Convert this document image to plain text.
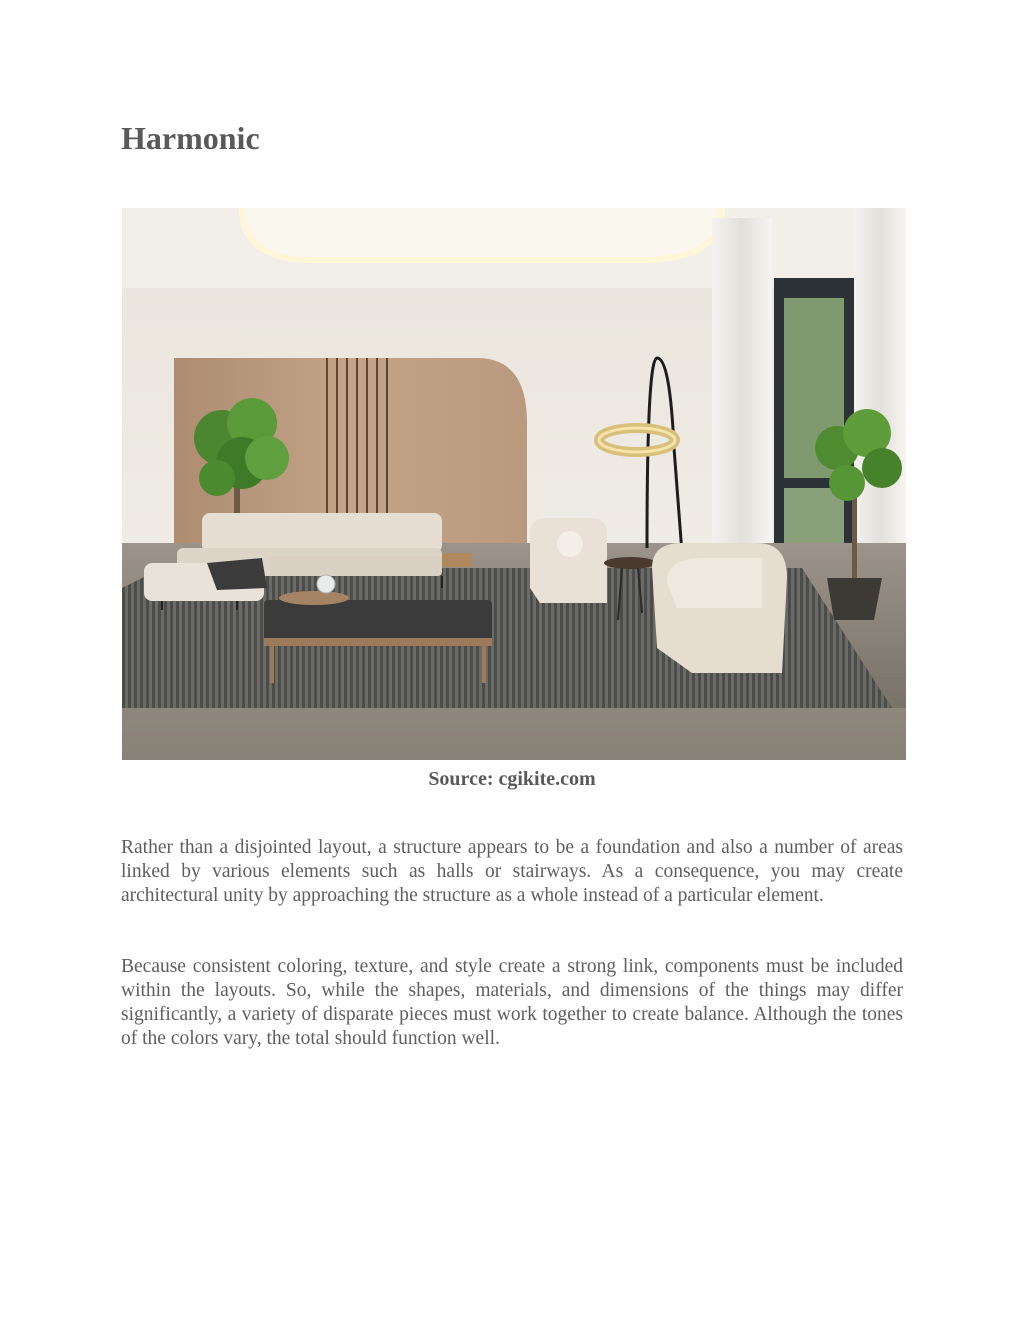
Harmonic
Source: cgikite.com

Rather than a disjointed layout, a structure appears to be a foundation and also a number of areas linked by various elements such as halls or stairways. As a consequence, you may create architectural unity by approaching the structure as a whole instead of a particular element.

Because consistent coloring, texture, and style create a strong link, components must be included within the layouts. So, while the shapes, materials, and dimensions of the things may differ significantly, a variety of disparate pieces must work together to create balance. Although the tones of the colors vary, the total should function well.
